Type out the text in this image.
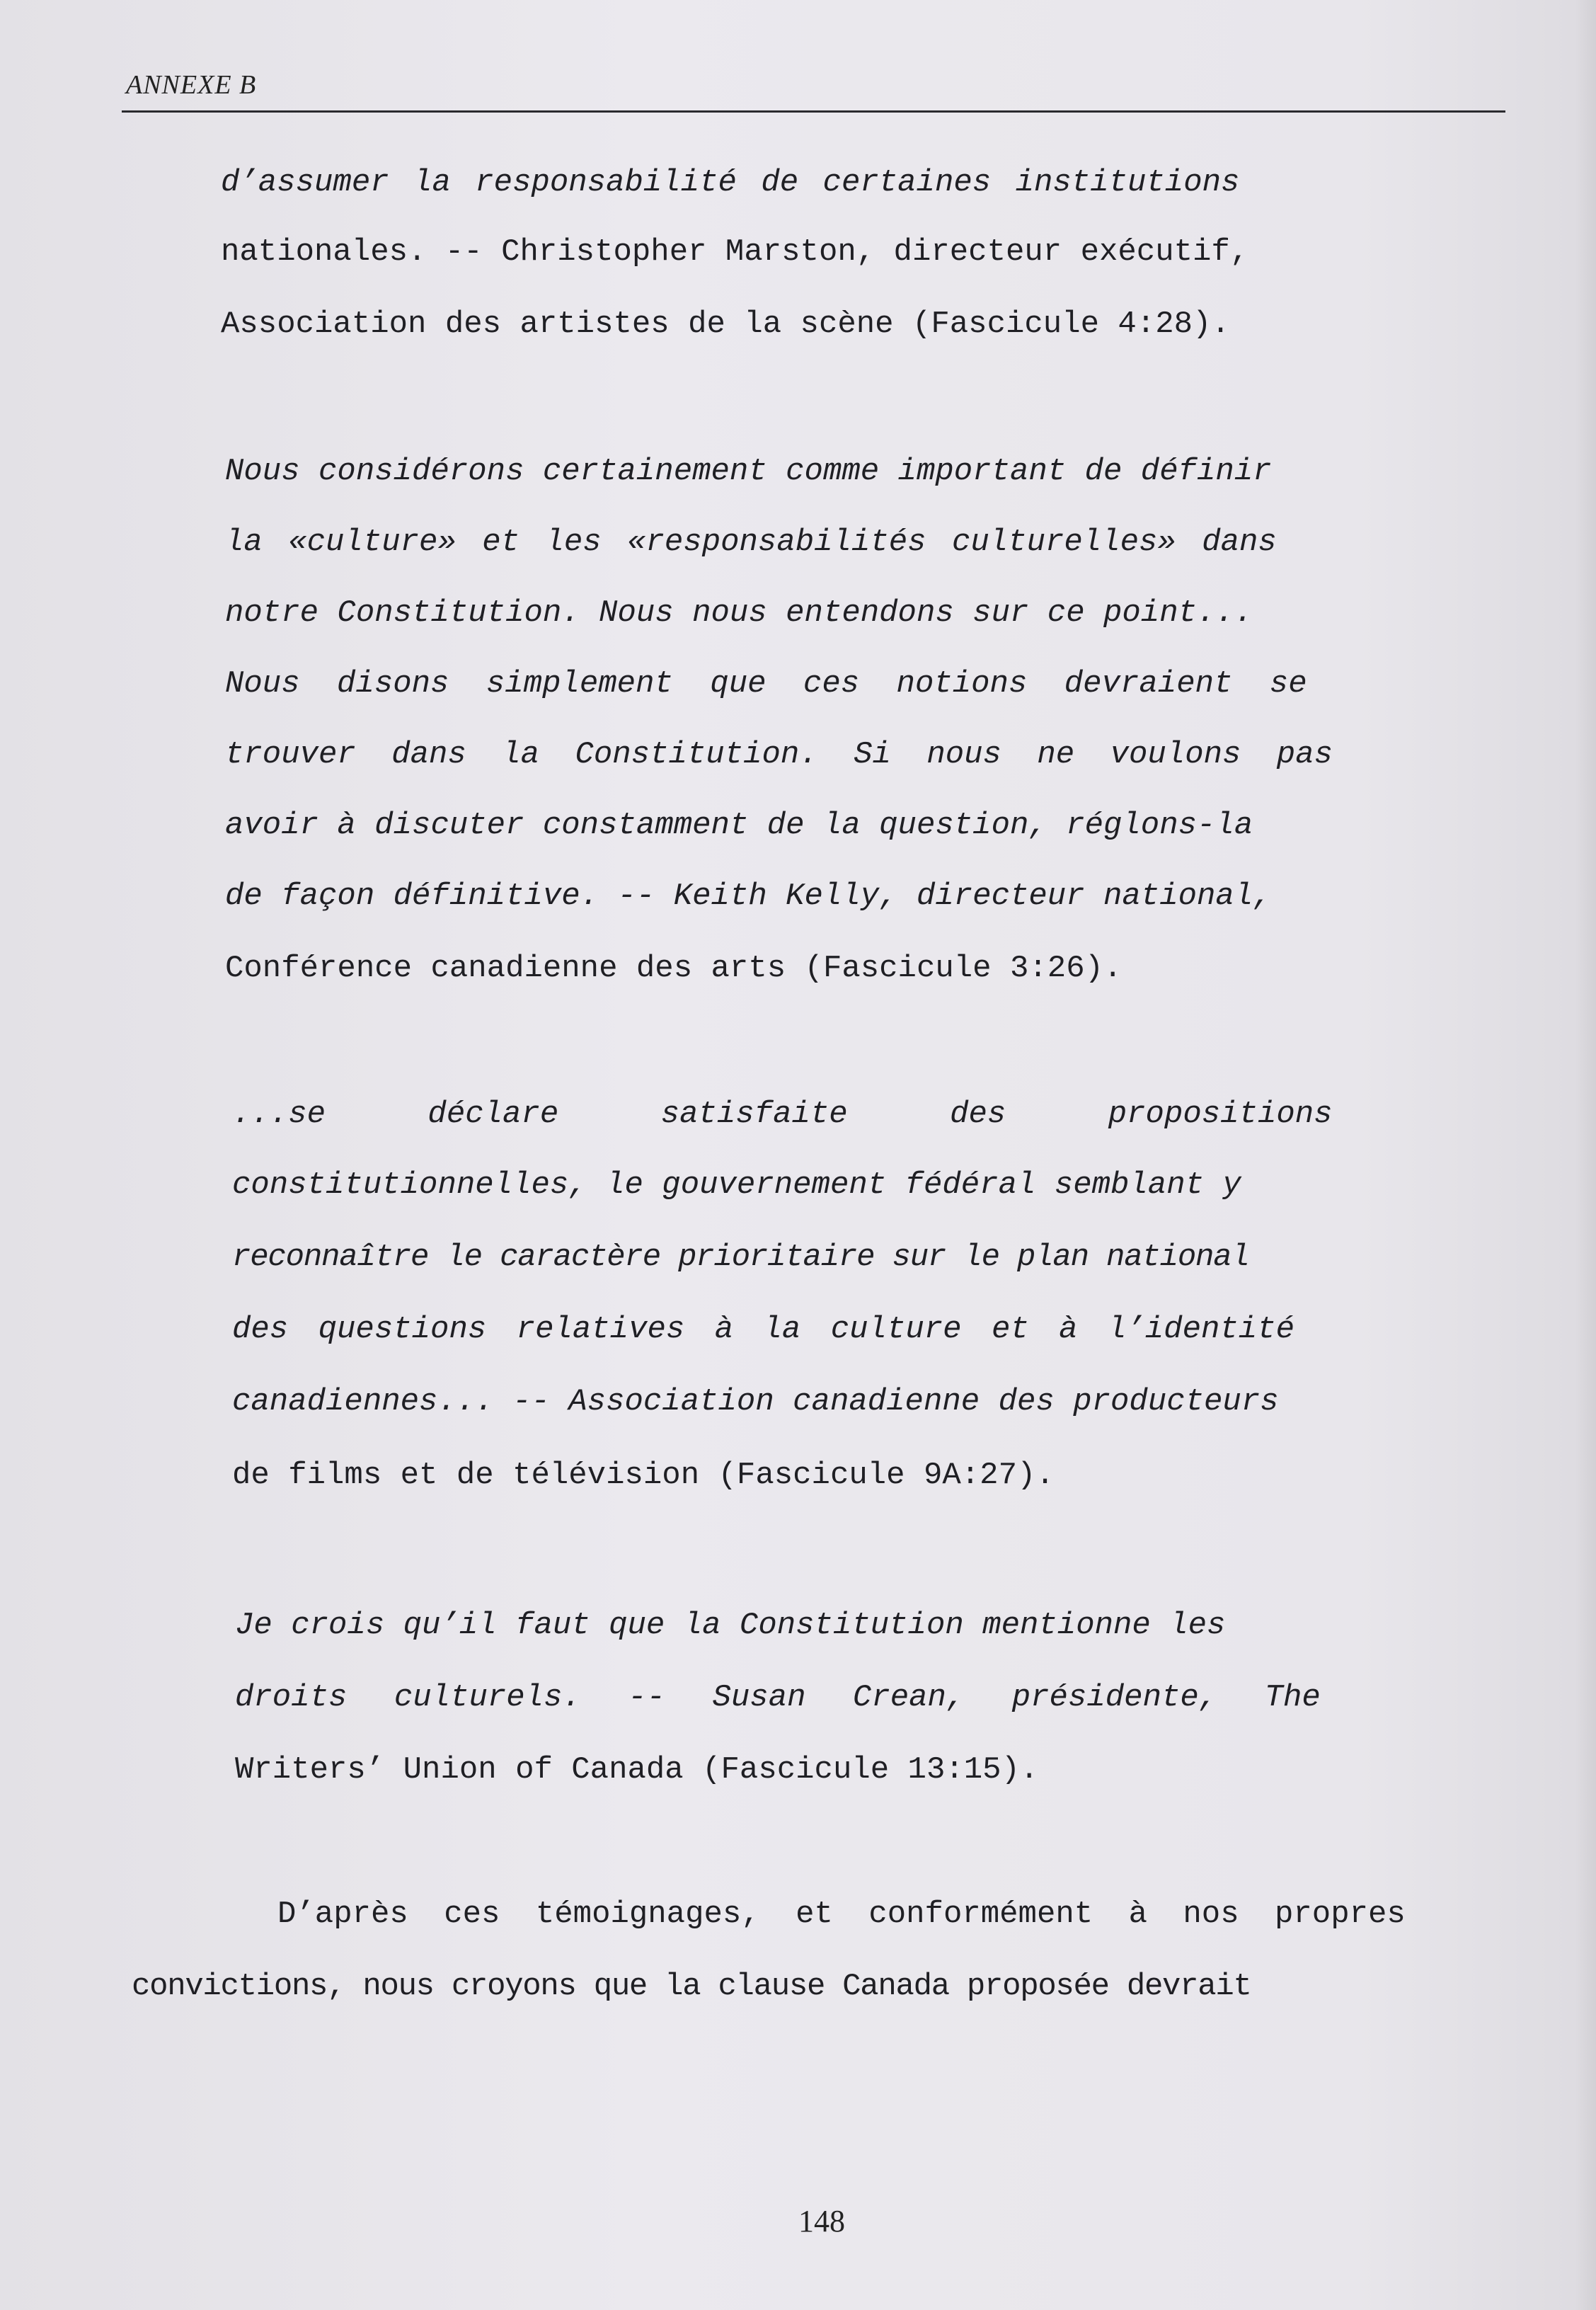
ANNEXE B
d’assumer la responsabilité de certaines institutions
nationales. -- Christopher Marston, directeur exécutif,
Association des artistes de la scène (Fascicule 4:28).
Nous considérons certainement comme important de définir
la «culture» et les «responsabilités culturelles» dans
notre Constitution. Nous nous entendons sur ce point...
Nous disons simplement que ces notions devraient se
trouver dans la Constitution. Si nous ne voulons pas
avoir à discuter constamment de la question, réglons-la
de façon définitive. -- Keith Kelly, directeur national,
Conférence canadienne des arts (Fascicule 3:26).
...se déclare satisfaite des propositions
constitutionnelles, le gouvernement fédéral semblant y
reconnaître le caractère prioritaire sur le plan national
des questions relatives à la culture et à l’identité
canadiennes... -- Association canadienne des producteurs
de films et de télévision (Fascicule 9A:27).
Je crois qu’il faut que la Constitution mentionne les
droits culturels. -- Susan Crean, présidente, The
Writers’ Union of Canada (Fascicule 13:15).
D’après ces témoignages, et conformément à nos propres
convictions, nous croyons que la clause Canada proposée devrait
148
